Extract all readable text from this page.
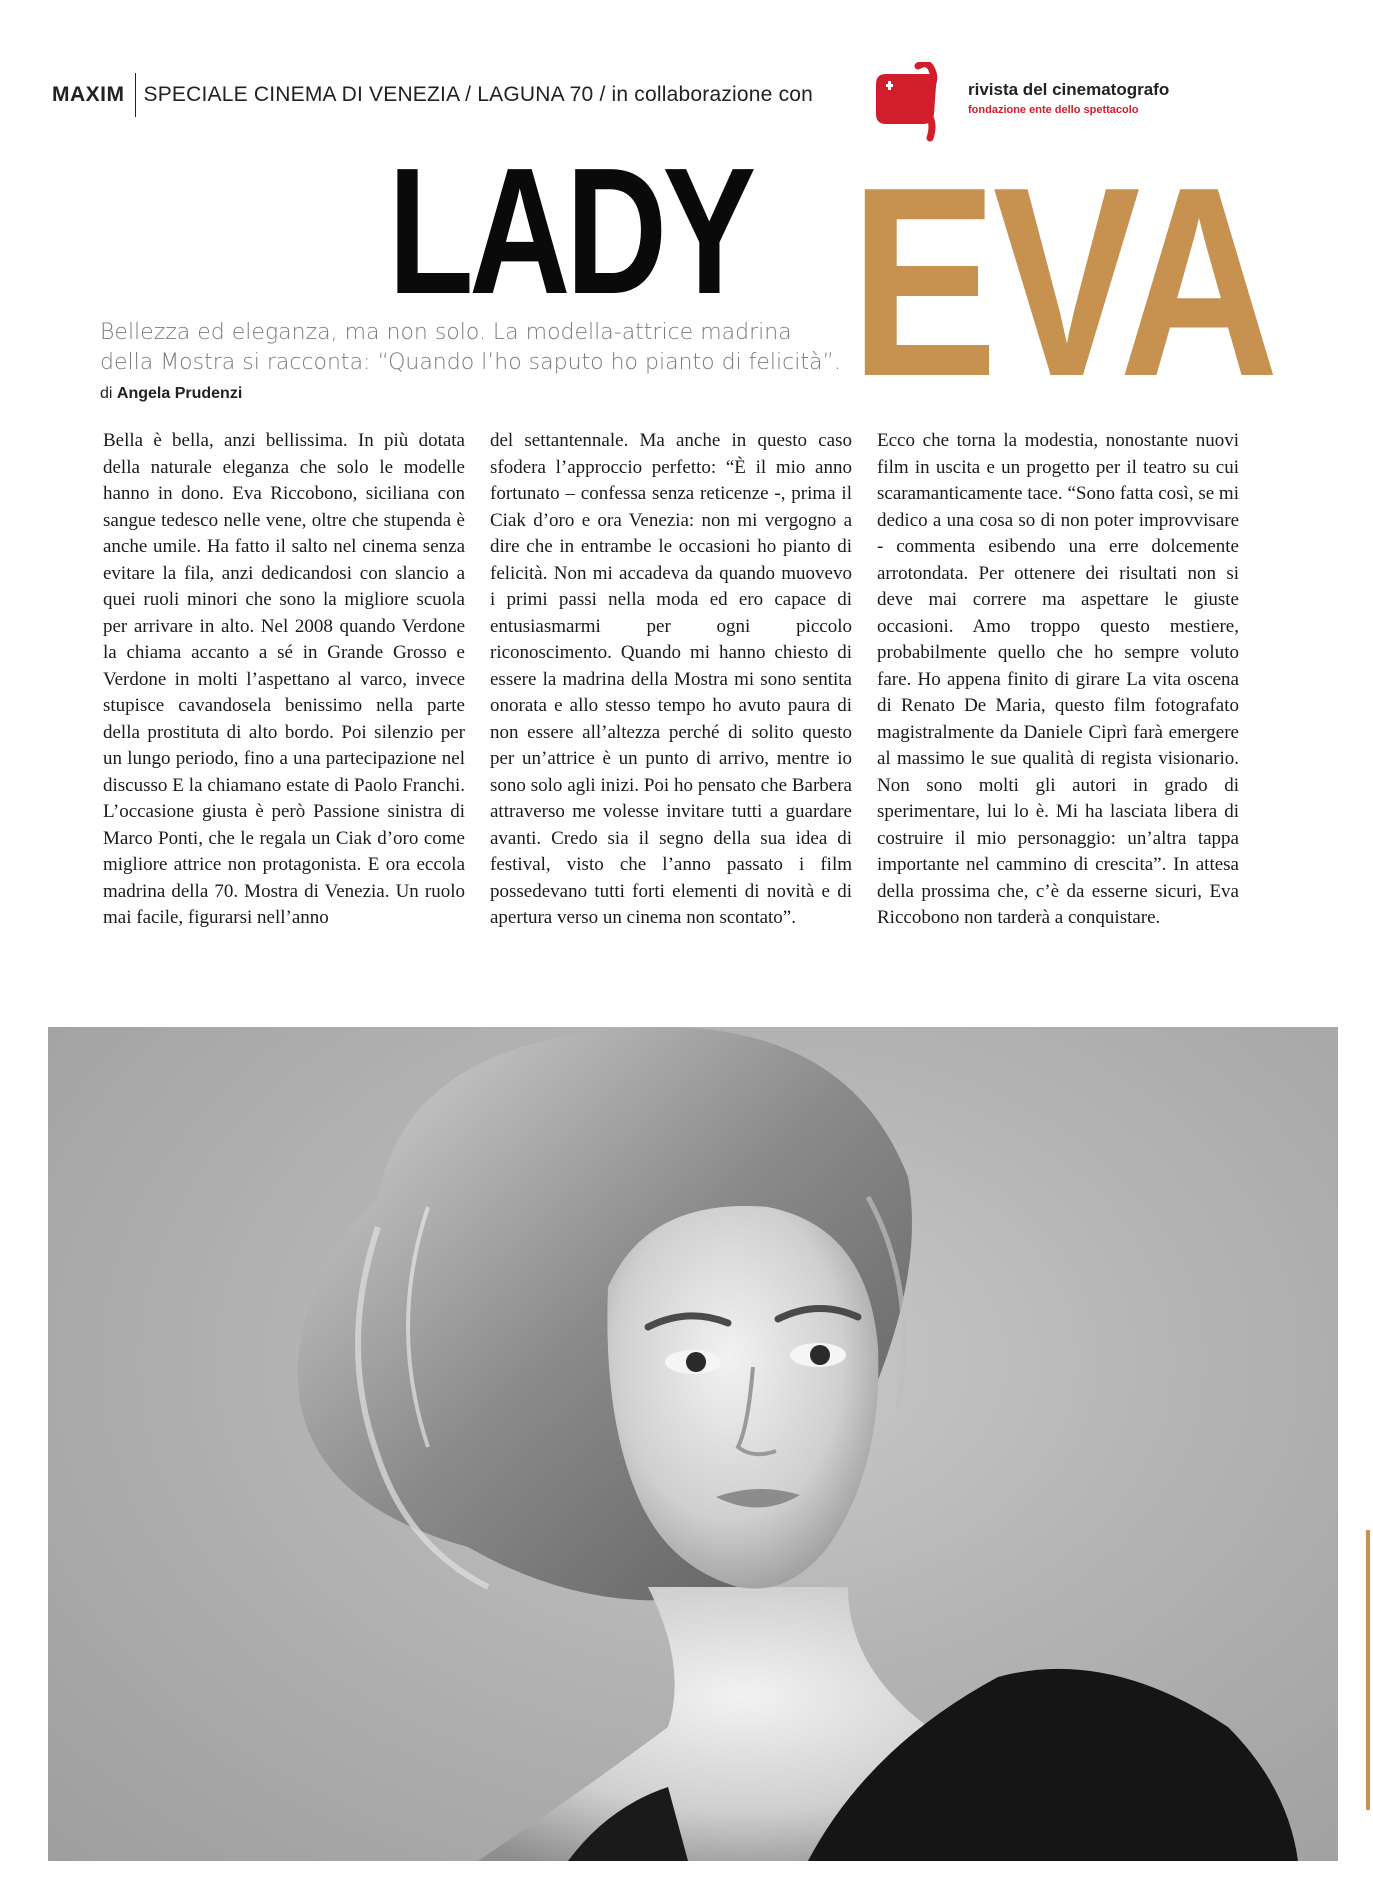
MAXIM SPECIALE CINEMA DI VENEZIA / LAGUNA 70 / in collaborazione con	rivista del cinematografo
fondazione ente dello spettacolo
LADY EVA

Bellezza ed eleganza, ma non solo. La modella-attrice madrina

della Mostra si racconta: “Quando l’ho saputo ho pianto di felicità”.

di Angela Prudenzi

Bella è bella, anzi bellissima. In più dotata della naturale eleganza che solo le modelle hanno in dono. Eva Riccobono, siciliana con sangue tedesco nelle vene, oltre che stupenda è anche umile. Ha fatto il salto nel cinema senza evitare la fila, anzi dedicandosi con slancio a quei ruoli minori che sono la migliore scuola per arrivare in alto. Nel 2008 quando Verdone la chiama accanto a sé in Grande Grosso e Verdone in molti l’aspettano al varco, invece stupisce cavandosela benissimo nella parte della prostituta di alto bordo. Poi silenzio per un lungo periodo, fino a una partecipazione nel discusso E la chiamano estate di Paolo Franchi. L’occasione giusta è però Passione sinistra di Marco Ponti, che le regala un Ciak d’oro come migliore attrice non protagonista. E ora eccola madrina della 70. Mostra di Venezia. Un ruolo mai facile, figurarsi nell’anno

del settantennale. Ma anche in questo caso sfodera l’approccio perfetto: “È il mio anno fortunato – confessa senza reticenze -, prima il Ciak d’oro e ora Venezia: non mi vergogno a dire che in entrambe le occasioni ho pianto di felicità. Non mi accadeva da quando muovevo i primi passi nella moda ed ero capace di entusiasmarmi per ogni piccolo riconoscimento. Quando mi hanno chiesto di essere la madrina della Mostra mi sono sentita onorata e allo stesso tempo ho avuto paura di non essere all’altezza perché di solito questo per un’attrice è un punto di arrivo, mentre io sono solo agli inizi. Poi ho pensato che Barbera attraverso me volesse invitare tutti a guardare avanti. Credo sia il segno della sua idea di festival, visto che l’anno passato i film possedevano tutti forti elementi di novità e di apertura verso un cinema non scontato”.

Ecco che torna la modestia, nonostante nuovi film in uscita e un progetto per il teatro su cui scaramanticamente tace. “Sono fatta così, se mi dedico a una cosa so di non poter improvvisare - commenta esibendo una erre dolcemente arrotondata. Per ottenere dei risultati non si deve mai correre ma aspettare le giuste occasioni. Amo troppo questo mestiere, probabilmente quello che ho sempre voluto fare. Ho appena finito di girare La vita oscena di Renato De Maria, questo film fotografato magistralmente da Daniele Ciprì farà emergere al massimo le sue qualità di regista visionario. Non sono molti gli autori in grado di sperimentare, lui lo è. Mi ha lasciata libera di costruire il mio personaggio: un’altra tappa importante nel cammino di crescita”. In attesa della prossima che, c’è da esserne sicuri, Eva Riccobono non tarderà a conquistare.
